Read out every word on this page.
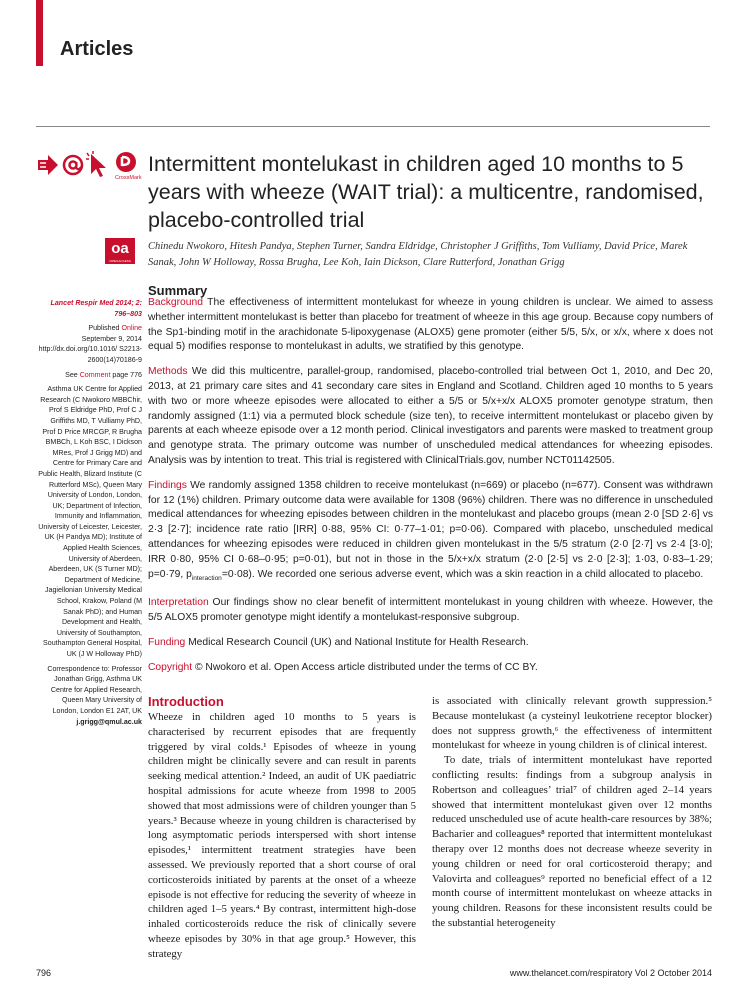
Articles
CrossMark
Intermittent montelukast in children aged 10 months to 5 years with wheeze (WAIT trial): a multicentre, randomised, placebo-controlled trial
oa
OPEN ACCESS
Chinedu Nwokoro, Hitesh Pandya, Stephen Turner, Sandra Eldridge, Christopher J Griffiths, Tom Vulliamy, David Price, Marek Sanak, John W Holloway, Rossa Brugha, Lee Koh, Iain Dickson, Clare Rutterford, Jonathan Grigg
Summary

Background The effectiveness of intermittent montelukast for wheeze in young children is unclear. We aimed to assess whether intermittent montelukast is better than placebo for treatment of wheeze in this age group. Because copy numbers of the Sp1-binding motif in the arachidonate 5-lipoxygenase (ALOX5) gene promoter (either 5/5, 5/x, or x/x, where x does not equal 5) modifies response to montelukast in adults, we stratified by this genotype.

Methods We did this multicentre, parallel-group, randomised, placebo-controlled trial between Oct 1, 2010, and Dec 20, 2013, at 21 primary care sites and 41 secondary care sites in England and Scotland. Children aged 10 months to 5 years with two or more wheeze episodes were allocated to either a 5/5 or 5/x+x/x ALOX5 promoter genotype stratum, then randomly assigned (1:1) via a permuted block schedule (size ten), to receive intermittent montelukast or placebo given by parents at each wheeze episode over a 12 month period. Clinical investigators and parents were masked to treatment group and genotype strata. The primary outcome was number of unscheduled medical attendances for wheezing episodes. Analysis was by intention to treat. This trial is registered with ClinicalTrials.gov, number NCT01142505.

Findings We randomly assigned 1358 children to receive montelukast (n=669) or placebo (n=677). Consent was withdrawn for 12 (1%) children. Primary outcome data were available for 1308 (96%) children. There was no difference in unscheduled medical attendances for wheezing episodes between children in the montelukast and placebo groups (mean 2·0 [SD 2·6] vs 2·3 [2·7]; incidence rate ratio [IRR] 0·88, 95% CI: 0·77–1·01; p=0·06). Compared with placebo, unscheduled medical attendances for wheezing episodes were reduced in children given montelukast in the 5/5 stratum (2·0 [2·7] vs 2·4 [3·0]; IRR 0·80, 95% CI 0·68–0·95; p=0·01), but not in those in the 5/x+x/x stratum (2·0 [2·5] vs 2·0 [2·3]; 1·03, 0·83–1·29; p=0·79, $p_{interaction}=0\cdot 08$). We recorded one serious adverse event, which was a skin reaction in a child allocated to placebo.

Interpretation Our findings show no clear benefit of intermittent montelukast in young children with wheeze. However, the 5/5 ALOX5 promoter genotype might identify a montelukast-responsive subgroup.

Funding Medical Research Council (UK) and National Institute for Health Research.

Copyright © Nwokoro et al. Open Access article distributed under the terms of CC BY.

Lancet Respir Med 2014; 2: 796–803

Published Online
September 9, 2014 http://dx.doi.org/10.1016/ S2213-2600(14)70186-9

See Comment page 776

Asthma UK Centre for Applied Research (C Nwokoro MBBChir, Prof S Eldridge PhD, Prof C J Griffiths MD, T Vulliamy PhD, Prof D Price MRCGP, R Brugha BMBCh, L Koh BSC, I Dickson MRes, Prof J Grigg MD) and Centre for Primary Care and Public Health, Blizard Institute (C Rutterford MSc), Queen Mary University of London, London, UK; Department of Infection, Immunity and Inflammation, University of Leicester, Leicester, UK (H Pandya MD); Institute of Applied Health Sciences, University of Aberdeen, Aberdeen, UK (S Turner MD); Department of Medicine, Jagiellonian University Medical School, Krakow, Poland (M Sanak PhD); and Human Development and Health, University of Southampton, Southampton General Hospital, UK (J W Holloway PhD)

Correspondence to: Professor Jonathan Grigg, Asthma UK Centre for Applied Research, Queen Mary University of London, London E1 2AT, UK
j.grigg@qmul.ac.uk

Introduction

Wheeze in children aged 10 months to 5 years is characterised by recurrent episodes that are frequently triggered by viral colds.¹ Episodes of wheeze in young children might be clinically severe and can result in parents seeking medical attention.² Indeed, an audit of UK paediatric hospital admissions for acute wheeze from 1998 to 2005 showed that most admissions were of children younger than 5 years.³ Because wheeze in young children is characterised by long asymptomatic periods interspersed with short intense episodes,¹ intermittent treatment strategies have been assessed. We previously reported that a short course of oral corticosteroids initiated by parents at the onset of a wheeze episode is not effective for reducing the severity of wheeze in children aged 1–5 years.⁴ By contrast, intermittent high-dose inhaled corticosteroids reduce the risk of clinically severe wheeze episodes by 30% in that age group.⁵ However, this strategy

is associated with clinically relevant growth suppression.⁵ Because montelukast (a cysteinyl leukotriene receptor blocker) does not suppress growth,⁶ the effectiveness of intermittent montelukast for wheeze in young children is of clinical interest.

To date, trials of intermittent montelukast have reported conflicting results: findings from a subgroup analysis in Robertson and colleagues’ trial⁷ of children aged 2–14 years showed that intermittent montelukast given over 12 months reduced unscheduled use of acute health-care resources by 38%; Bacharier and colleagues⁸ reported that intermittent montelukast therapy over 12 months does not decrease wheeze severity in young children or need for oral corticosteroid therapy; and Valovirta and colleagues⁹ reported no beneficial effect of a 12 month course of intermittent montelukast on wheeze attacks in young children. Reasons for these inconsistent results could be the substantial heterogeneity

796	www.thelancet.com/respiratory Vol 2 October 2014
